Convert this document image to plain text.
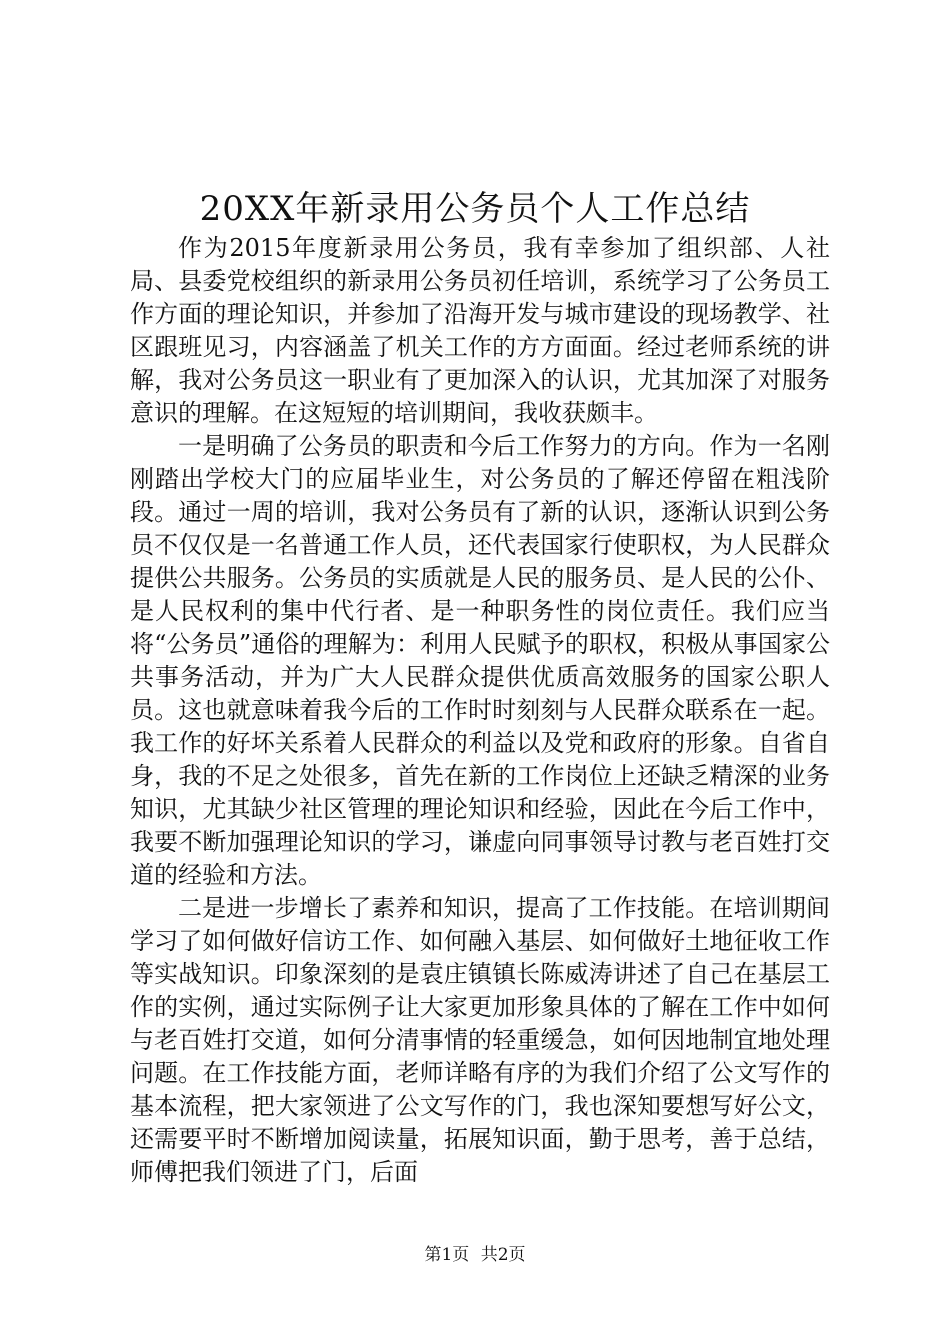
20XX年新录用公务员个人工作总结

作为2015年度新录用公务员，我有幸参加了组织部、人社局、县委党校组织的新录用公务员初任培训，系统学习了公务员工作方面的理论知识，并参加了沿海开发与城市建设的现场教学、社区跟班见习，内容涵盖了机关工作的方方面面。经过老师系统的讲解，我对公务员这一职业有了更加深入的认识，尤其加深了对服务意识的理解。在这短短的培训期间，我收获颇丰。

一是明确了公务员的职责和今后工作努力的方向。作为一名刚刚踏出学校大门的应届毕业生，对公务员的了解还停留在粗浅阶段。通过一周的培训，我对公务员有了新的认识，逐渐认识到公务员不仅仅是一名普通工作人员，还代表国家行使职权，为人民群众提供公共服务。公务员的实质就是人民的服务员、是人民的公仆、是人民权利的集中代行者、是一种职务性的岗位责任。我们应当将“公务员”通俗的理解为：利用人民赋予的职权，积极从事国家公共事务活动，并为广大人民群众提供优质高效服务的国家公职人员。这也就意味着我今后的工作时时刻刻与人民群众联系在一起。我工作的好坏关系着人民群众的利益以及党和政府的形象。自省自身，我的不足之处很多，首先在新的工作岗位上还缺乏精深的业务知识，尤其缺少社区管理的理论知识和经验，因此在今后工作中，我要不断加强理论知识的学习，谦虚向同事领导讨教与老百姓打交道的经验和方法。

二是进一步增长了素养和知识，提高了工作技能。在培训期间学习了如何做好信访工作、如何融入基层、如何做好土地征收工作等实战知识。印象深刻的是袁庄镇镇长陈威涛讲述了自己在基层工作的实例，通过实际例子让大家更加形象具体的了解在工作中如何与老百姓打交道，如何分清事情的轻重缓急，如何因地制宜地处理问题。在工作技能方面，老师详略有序的为我们介绍了公文写作的基本流程，把大家领进了公文写作的门，我也深知要想写好公文，还需要平时不断增加阅读量，拓展知识面，勤于思考，善于总结，师傅把我们领进了门，后面

第1页 共2页
